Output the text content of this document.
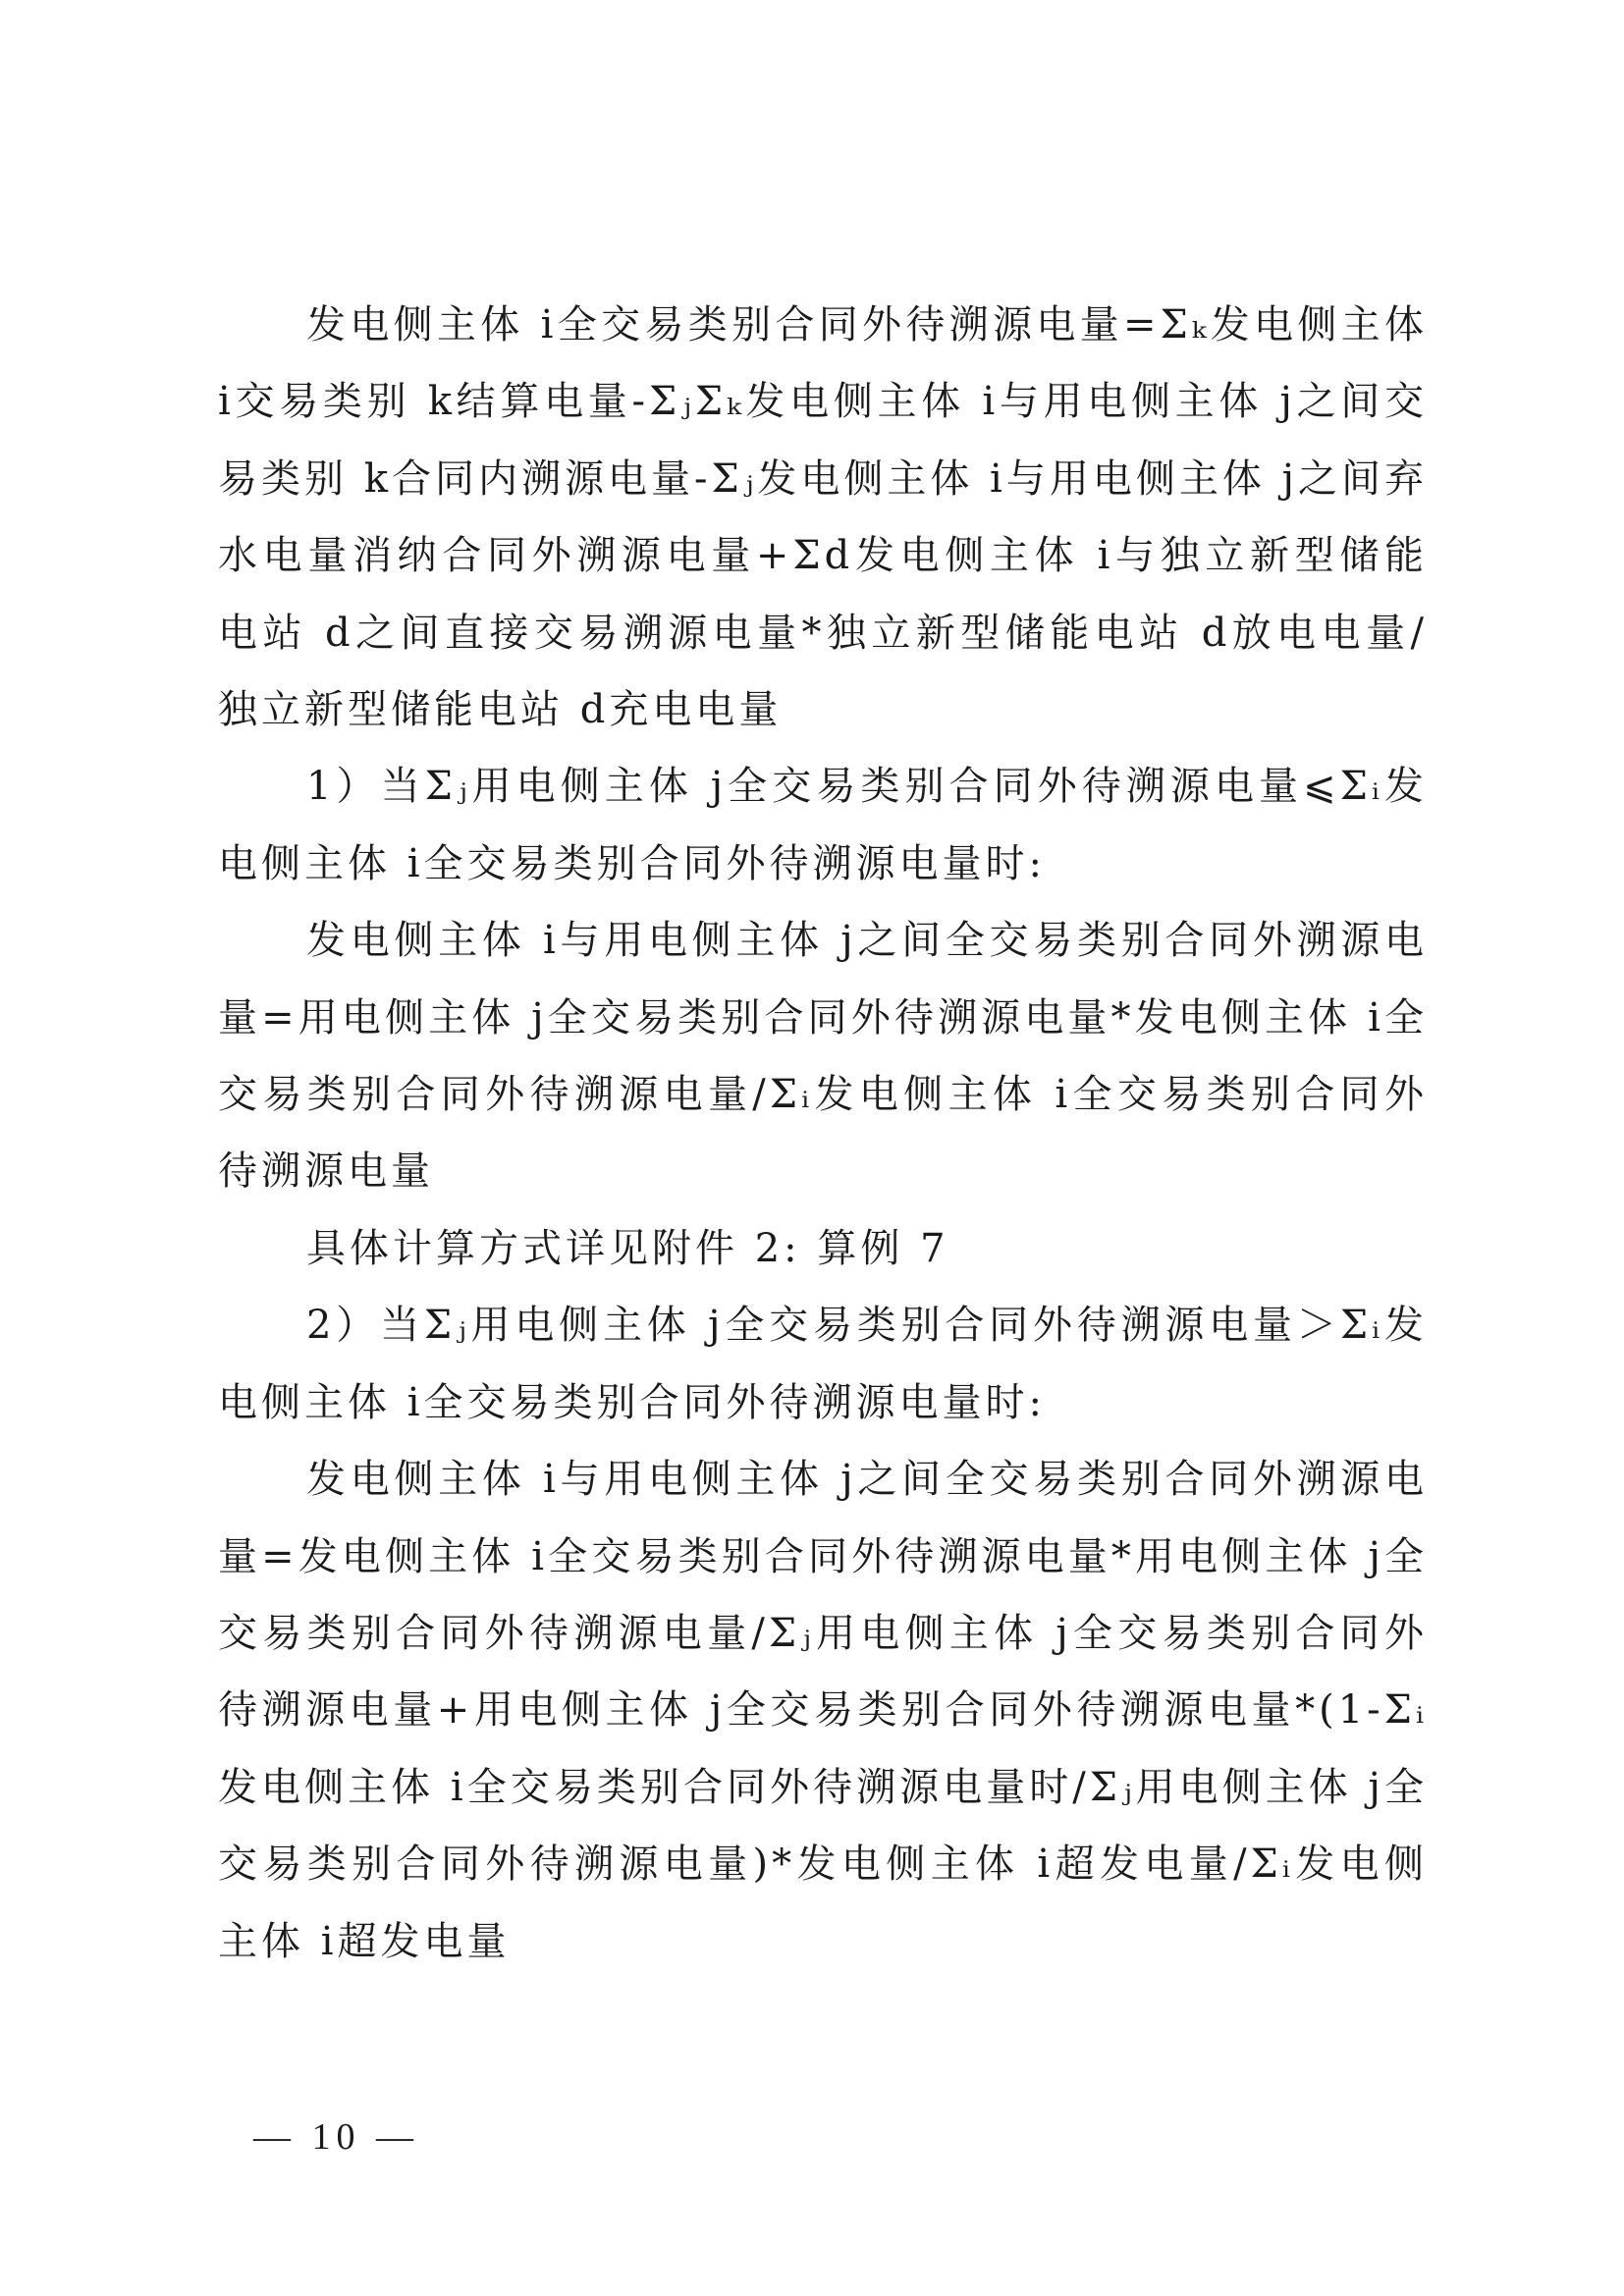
发电侧主体 i全交易类别合同外待溯源电量=Σₖ发电侧主体 i交易类别 k结算电量-ΣⱼΣₖ发电侧主体 i与用电侧主体 j之间交易类别 k合同内溯源电量-Σⱼ发电侧主体 i与用电侧主体 j之间弃水电量消纳合同外溯源电量+Σd发电侧主体 i与独立新型储能电站 d之间直接交易溯源电量*独立新型储能电站 d放电电量/独立新型储能电站 d充电电量

1）当Σⱼ用电侧主体 j全交易类别合同外待溯源电量⩽Σᵢ发电侧主体 i全交易类别合同外待溯源电量时:

发电侧主体 i与用电侧主体 j之间全交易类别合同外溯源电量=用电侧主体 j全交易类别合同外待溯源电量*发电侧主体 i全交易类别合同外待溯源电量/Σᵢ发电侧主体 i全交易类别合同外待溯源电量

具体计算方式详见附件 2: 算例 7

2）当Σⱼ用电侧主体 j全交易类别合同外待溯源电量＞Σᵢ发电侧主体 i全交易类别合同外待溯源电量时:

发电侧主体 i与用电侧主体 j之间全交易类别合同外溯源电量=发电侧主体 i全交易类别合同外待溯源电量*用电侧主体 j全交易类别合同外待溯源电量/Σⱼ用电侧主体 j全交易类别合同外待溯源电量+用电侧主体 j全交易类别合同外待溯源电量*(1-Σᵢ发电侧主体 i全交易类别合同外待溯源电量时/Σⱼ用电侧主体 j全交易类别合同外待溯源电量)*发电侧主体 i超发电量/Σᵢ发电侧主体 i超发电量

— 10 —
